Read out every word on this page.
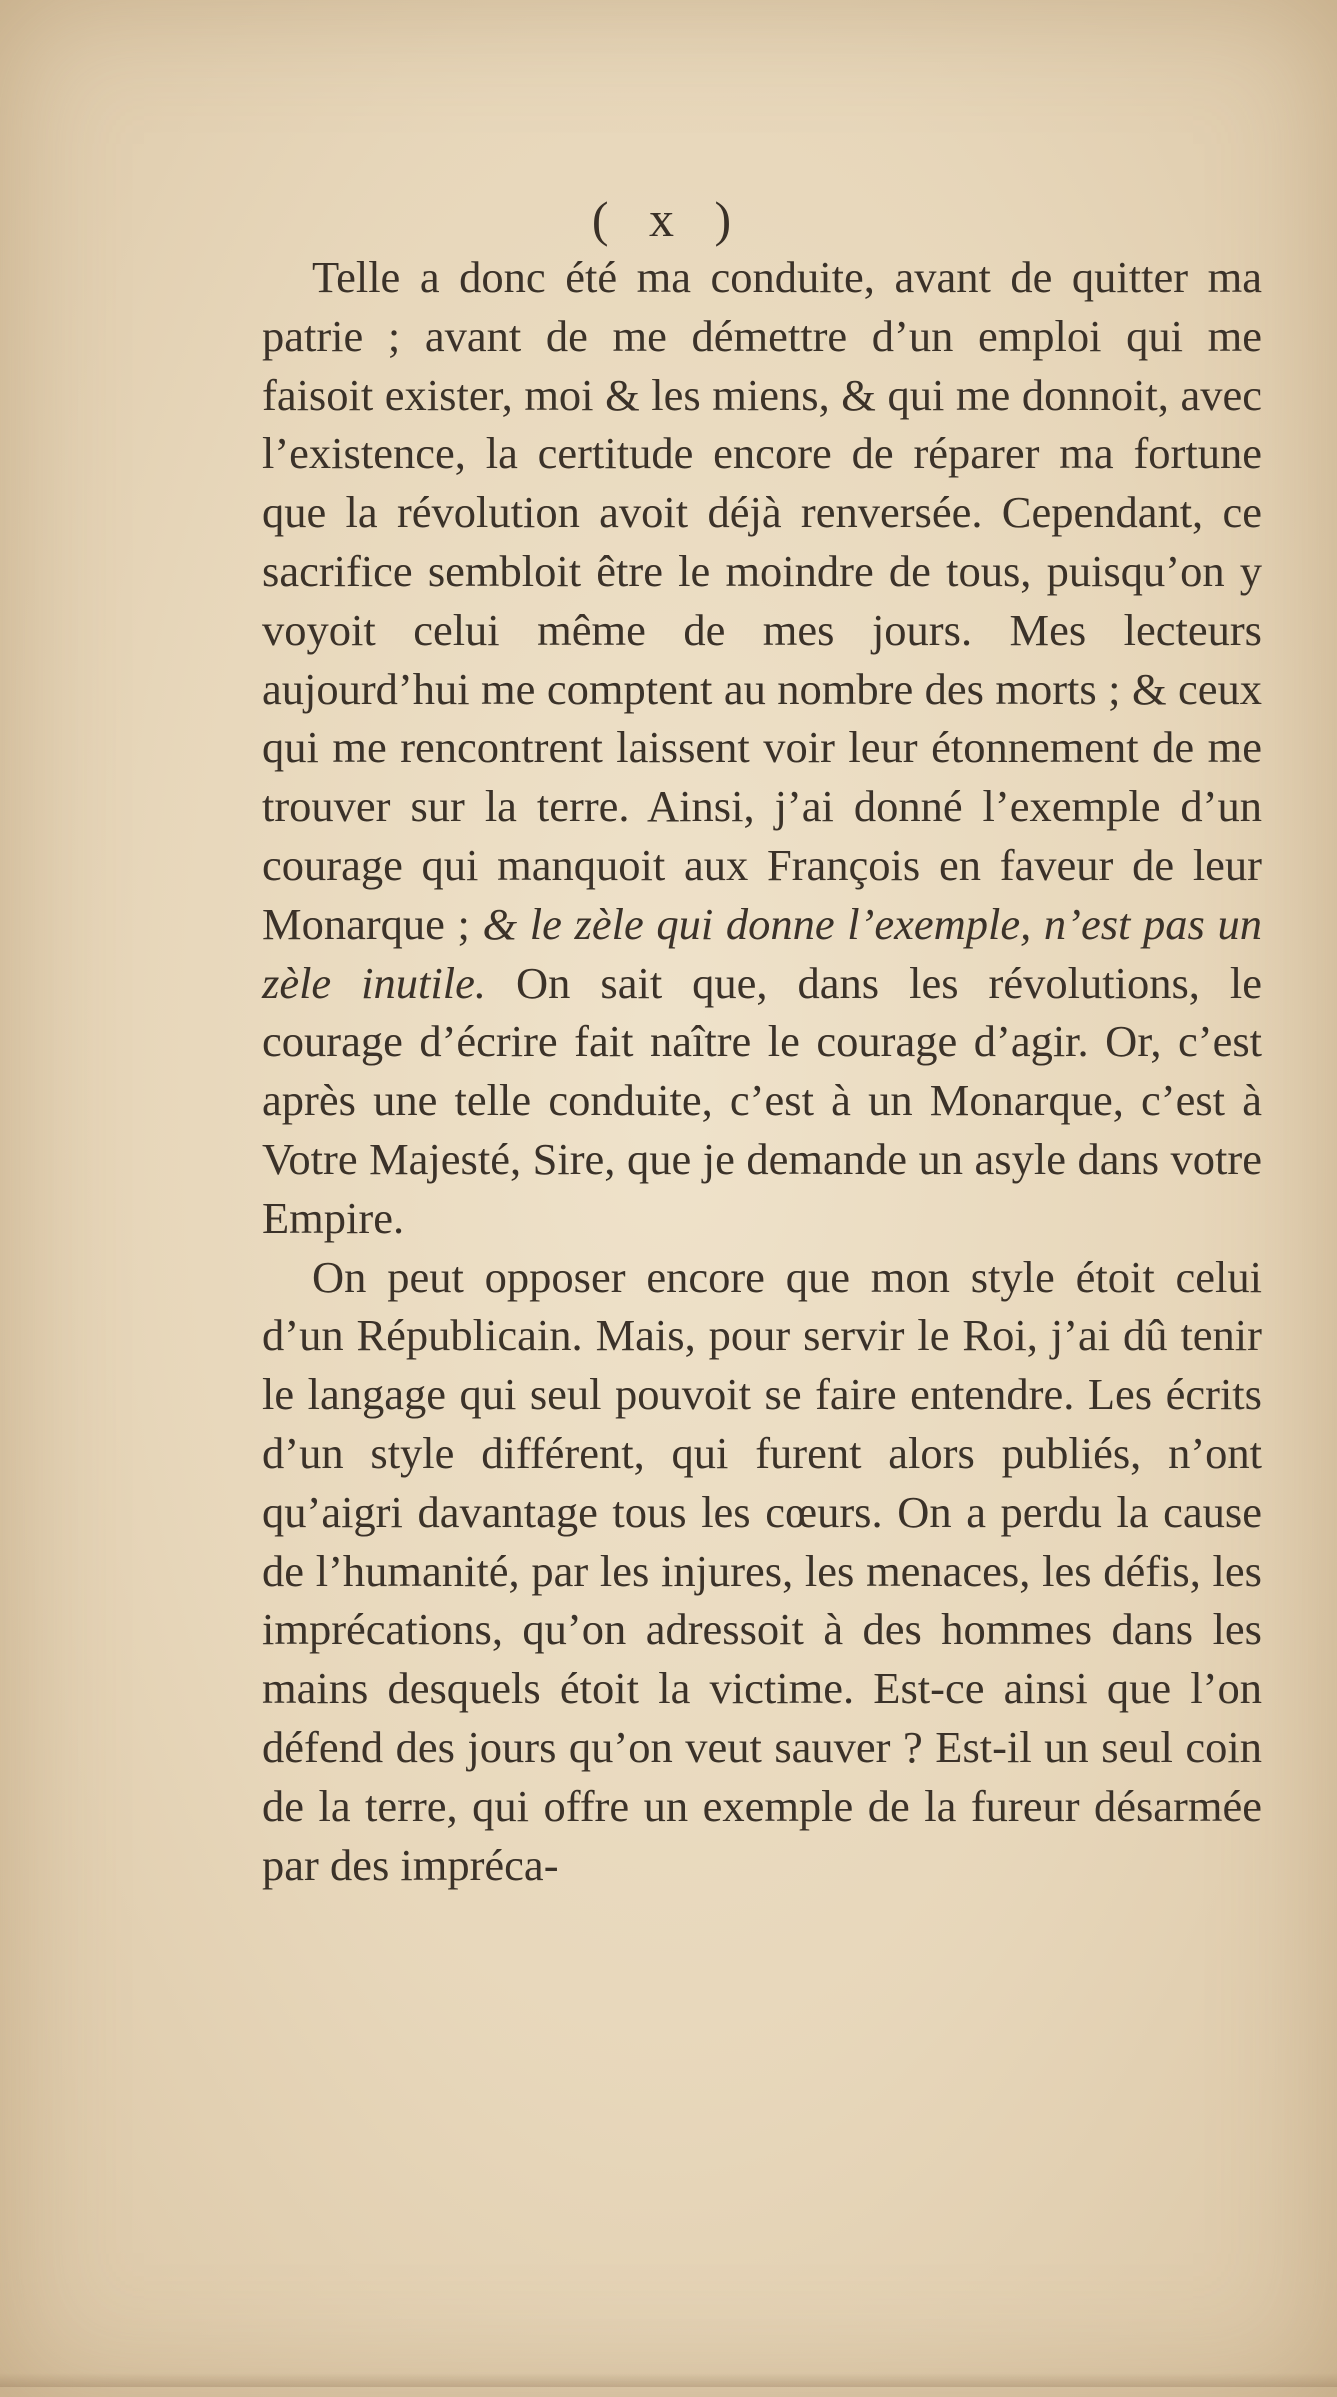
( x )

Telle a donc été ma conduite, avant de quitter ma patrie ; avant de me démettre d’un emploi qui me faisoit exister, moi & les miens, & qui me donnoit, avec l’existence, la certitude encore de réparer ma fortune que la révolution avoit déjà renversée. Cependant, ce sacrifice sembloit être le moindre de tous, puisqu’on y voyoit celui même de mes jours. Mes lecteurs aujourd’hui me comptent au nombre des morts ; & ceux qui me rencontrent laissent voir leur étonnement de me trouver sur la terre. Ainsi, j’ai donné l’exemple d’un courage qui manquoit aux François en faveur de leur Monarque ; & le zèle qui donne l’exemple, n’est pas un zèle inutile. On sait que, dans les révolutions, le courage d’écrire fait naître le courage d’agir. Or, c’est après une telle conduite, c’est à un Monarque, c’est à Votre Majesté, Sire, que je demande un asyle dans votre Empire.

On peut opposer encore que mon style étoit celui d’un Républicain. Mais, pour servir le Roi, j’ai dû tenir le langage qui seul pouvoit se faire entendre. Les écrits d’un style différent, qui furent alors publiés, n’ont qu’aigri davantage tous les cœurs. On a perdu la cause de l’humanité, par les injures, les menaces, les défis, les imprécations, qu’on adressoit à des hommes dans les mains desquels étoit la victime. Est-ce ainsi que l’on défend des jours qu’on veut sauver ? Est-il un seul coin de la terre, qui offre un exemple de la fureur désarmée par des impréca-
